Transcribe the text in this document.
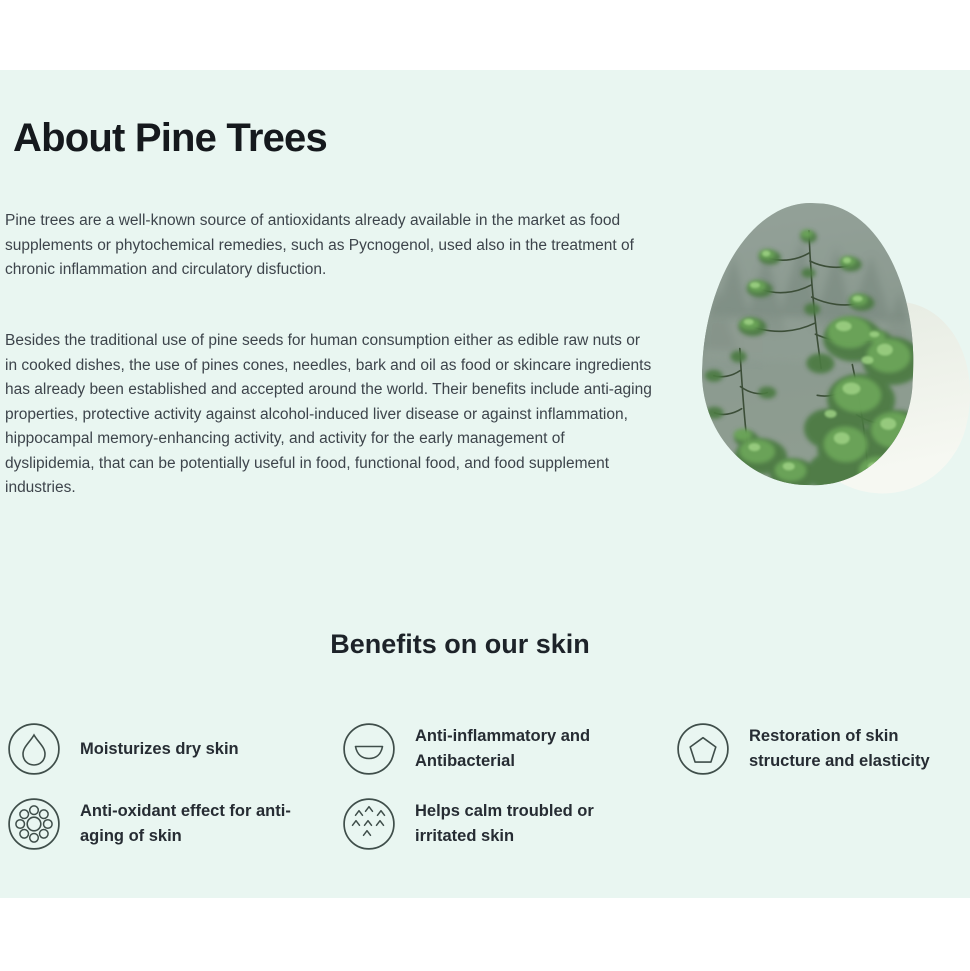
About Pine Trees

Pine trees are a well-known source of antioxidants already available in the market as food supplements or phytochemical remedies, such as Pycnogenol, used also in the treatment of chronic inflammation and circulatory disfuction.

Besides the traditional use of pine seeds for human consumption either as edible raw nuts or in cooked dishes, the use of pines cones, needles, bark and oil as food or skincare ingredients has already been established and accepted around the world. Their benefits include anti-aging properties, protective activity against alcohol-induced liver disease or against inflammation, hippocampal memory-enhancing activity, and activity for the early management of dyslipidemia, that can be potentially useful in food, functional food, and food supplement industries.

Benefits on our skin
Moisturizes dry skin
Anti-inflammatory and Antibacterial
Restoration of skin structure and elasticity
Anti-oxidant effect for anti-aging of skin
Helps calm troubled or irritated skin
